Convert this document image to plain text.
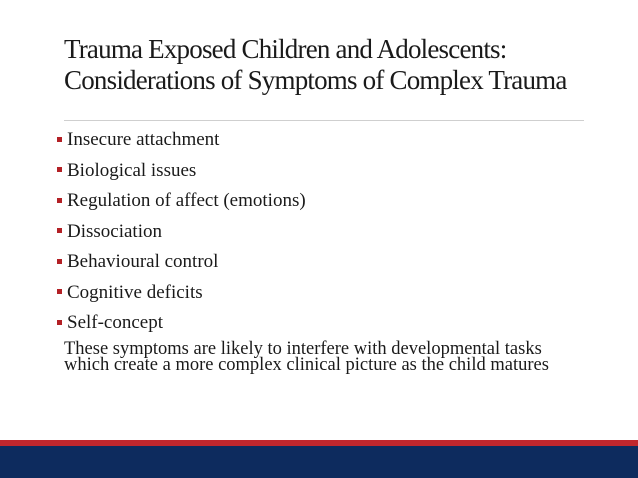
Trauma Exposed Children and Adolescents: Considerations of Symptoms of Complex Trauma
Insecure attachment
Biological issues
Regulation of affect (emotions)
Dissociation
Behavioural control
Cognitive deficits
Self-concept

These symptoms are likely to interfere with developmental tasks which create a more complex clinical picture as the child matures
